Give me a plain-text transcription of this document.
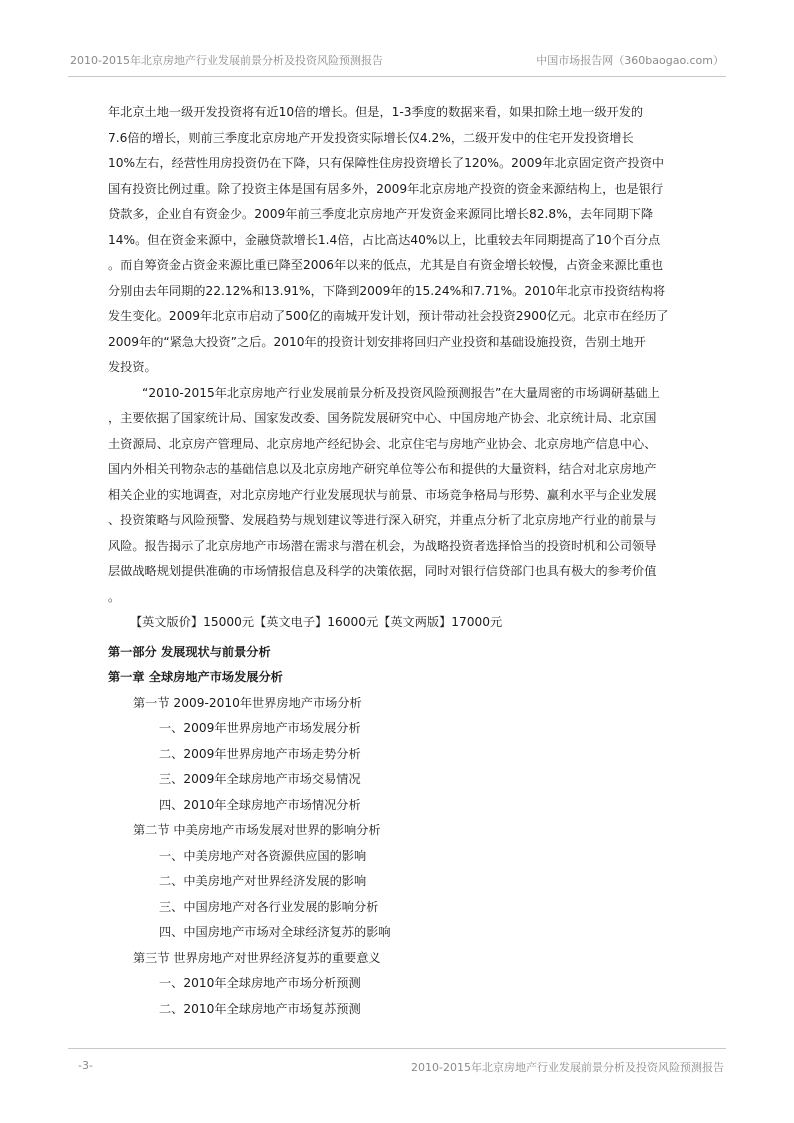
2010-2015年北京房地产行业发展前景分析及投资风险预测报告	中国市场报告网（360baogao.com）
年北京土地一级开发投资将有近10倍的增长。但是，1-3季度的数据来看，如果扣除土地一级开发的
7.6倍的增长，则前三季度北京房地产开发投资实际增长仅4.2%，二级开发中的住宅开发投资增长
10%左右，经营性用房投资仍在下降，只有保障性住房投资增长了120%。2009年北京固定资产投资中
国有投资比例过重。除了投资主体是国有居多外，2009年北京房地产投资的资金来源结构上，也是银行
贷款多，企业自有资金少。2009年前三季度北京房地产开发资金来源同比增长82.8%，去年同期下降
14%。但在资金来源中，金融贷款增长1.4倍，占比高达40%以上，比重较去年同期提高了10个百分点
。而自筹资金占资金来源比重已降至2006年以来的低点，尤其是自有资金增长较慢，占资金来源比重也
分别由去年同期的22.12%和13.91%，下降到2009年的15.24%和7.71%。2010年北京市投资结构将
发生变化。2009年北京市启动了500亿的南城开发计划，预计带动社会投资2900亿元。北京市在经历了
2009年的“紧急大投资”之后。2010年的投资计划安排将回归产业投资和基础设施投资，告别土地开
发投资。
“2010-2015年北京房地产行业发展前景分析及投资风险预测报告”在大量周密的市场调研基础上
，主要依据了国家统计局、国家发改委、国务院发展研究中心、中国房地产协会、北京统计局、北京国
土资源局、北京房产管理局、北京房地产经纪协会、北京住宅与房地产业协会、北京房地产信息中心、
国内外相关刊物杂志的基础信息以及北京房地产研究单位等公布和提供的大量资料，结合对北京房地产
相关企业的实地调查，对北京房地产行业发展现状与前景、市场竞争格局与形势、赢利水平与企业发展
、投资策略与风险预警、发展趋势与规划建议等进行深入研究，并重点分析了北京房地产行业的前景与
风险。报告揭示了北京房地产市场潜在需求与潜在机会，为战略投资者选择恰当的投资时机和公司领导
层做战略规划提供准确的市场情报信息及科学的决策依据，同时对银行信贷部门也具有极大的参考价值
。
【英文版价】15000元【英文电子】16000元【英文两版】17000元
第一部分 发展现状与前景分析
第一章 全球房地产市场发展分析
第一节 2009-2010年世界房地产市场分析
一、2009年世界房地产市场发展分析
二、2009年世界房地产市场走势分析
三、2009年全球房地产市场交易情况
四、2010年全球房地产市场情况分析
第二节 中美房地产市场发展对世界的影响分析
一、中美房地产对各资源供应国的影响
二、中美房地产对世界经济发展的影响
三、中国房地产对各行业发展的影响分析
四、中国房地产市场对全球经济复苏的影响
第三节 世界房地产对世界经济复苏的重要意义
一、2010年全球房地产市场分析预测
二、2010年全球房地产市场复苏预测
-3-	2010-2015年北京房地产行业发展前景分析及投资风险预测报告
